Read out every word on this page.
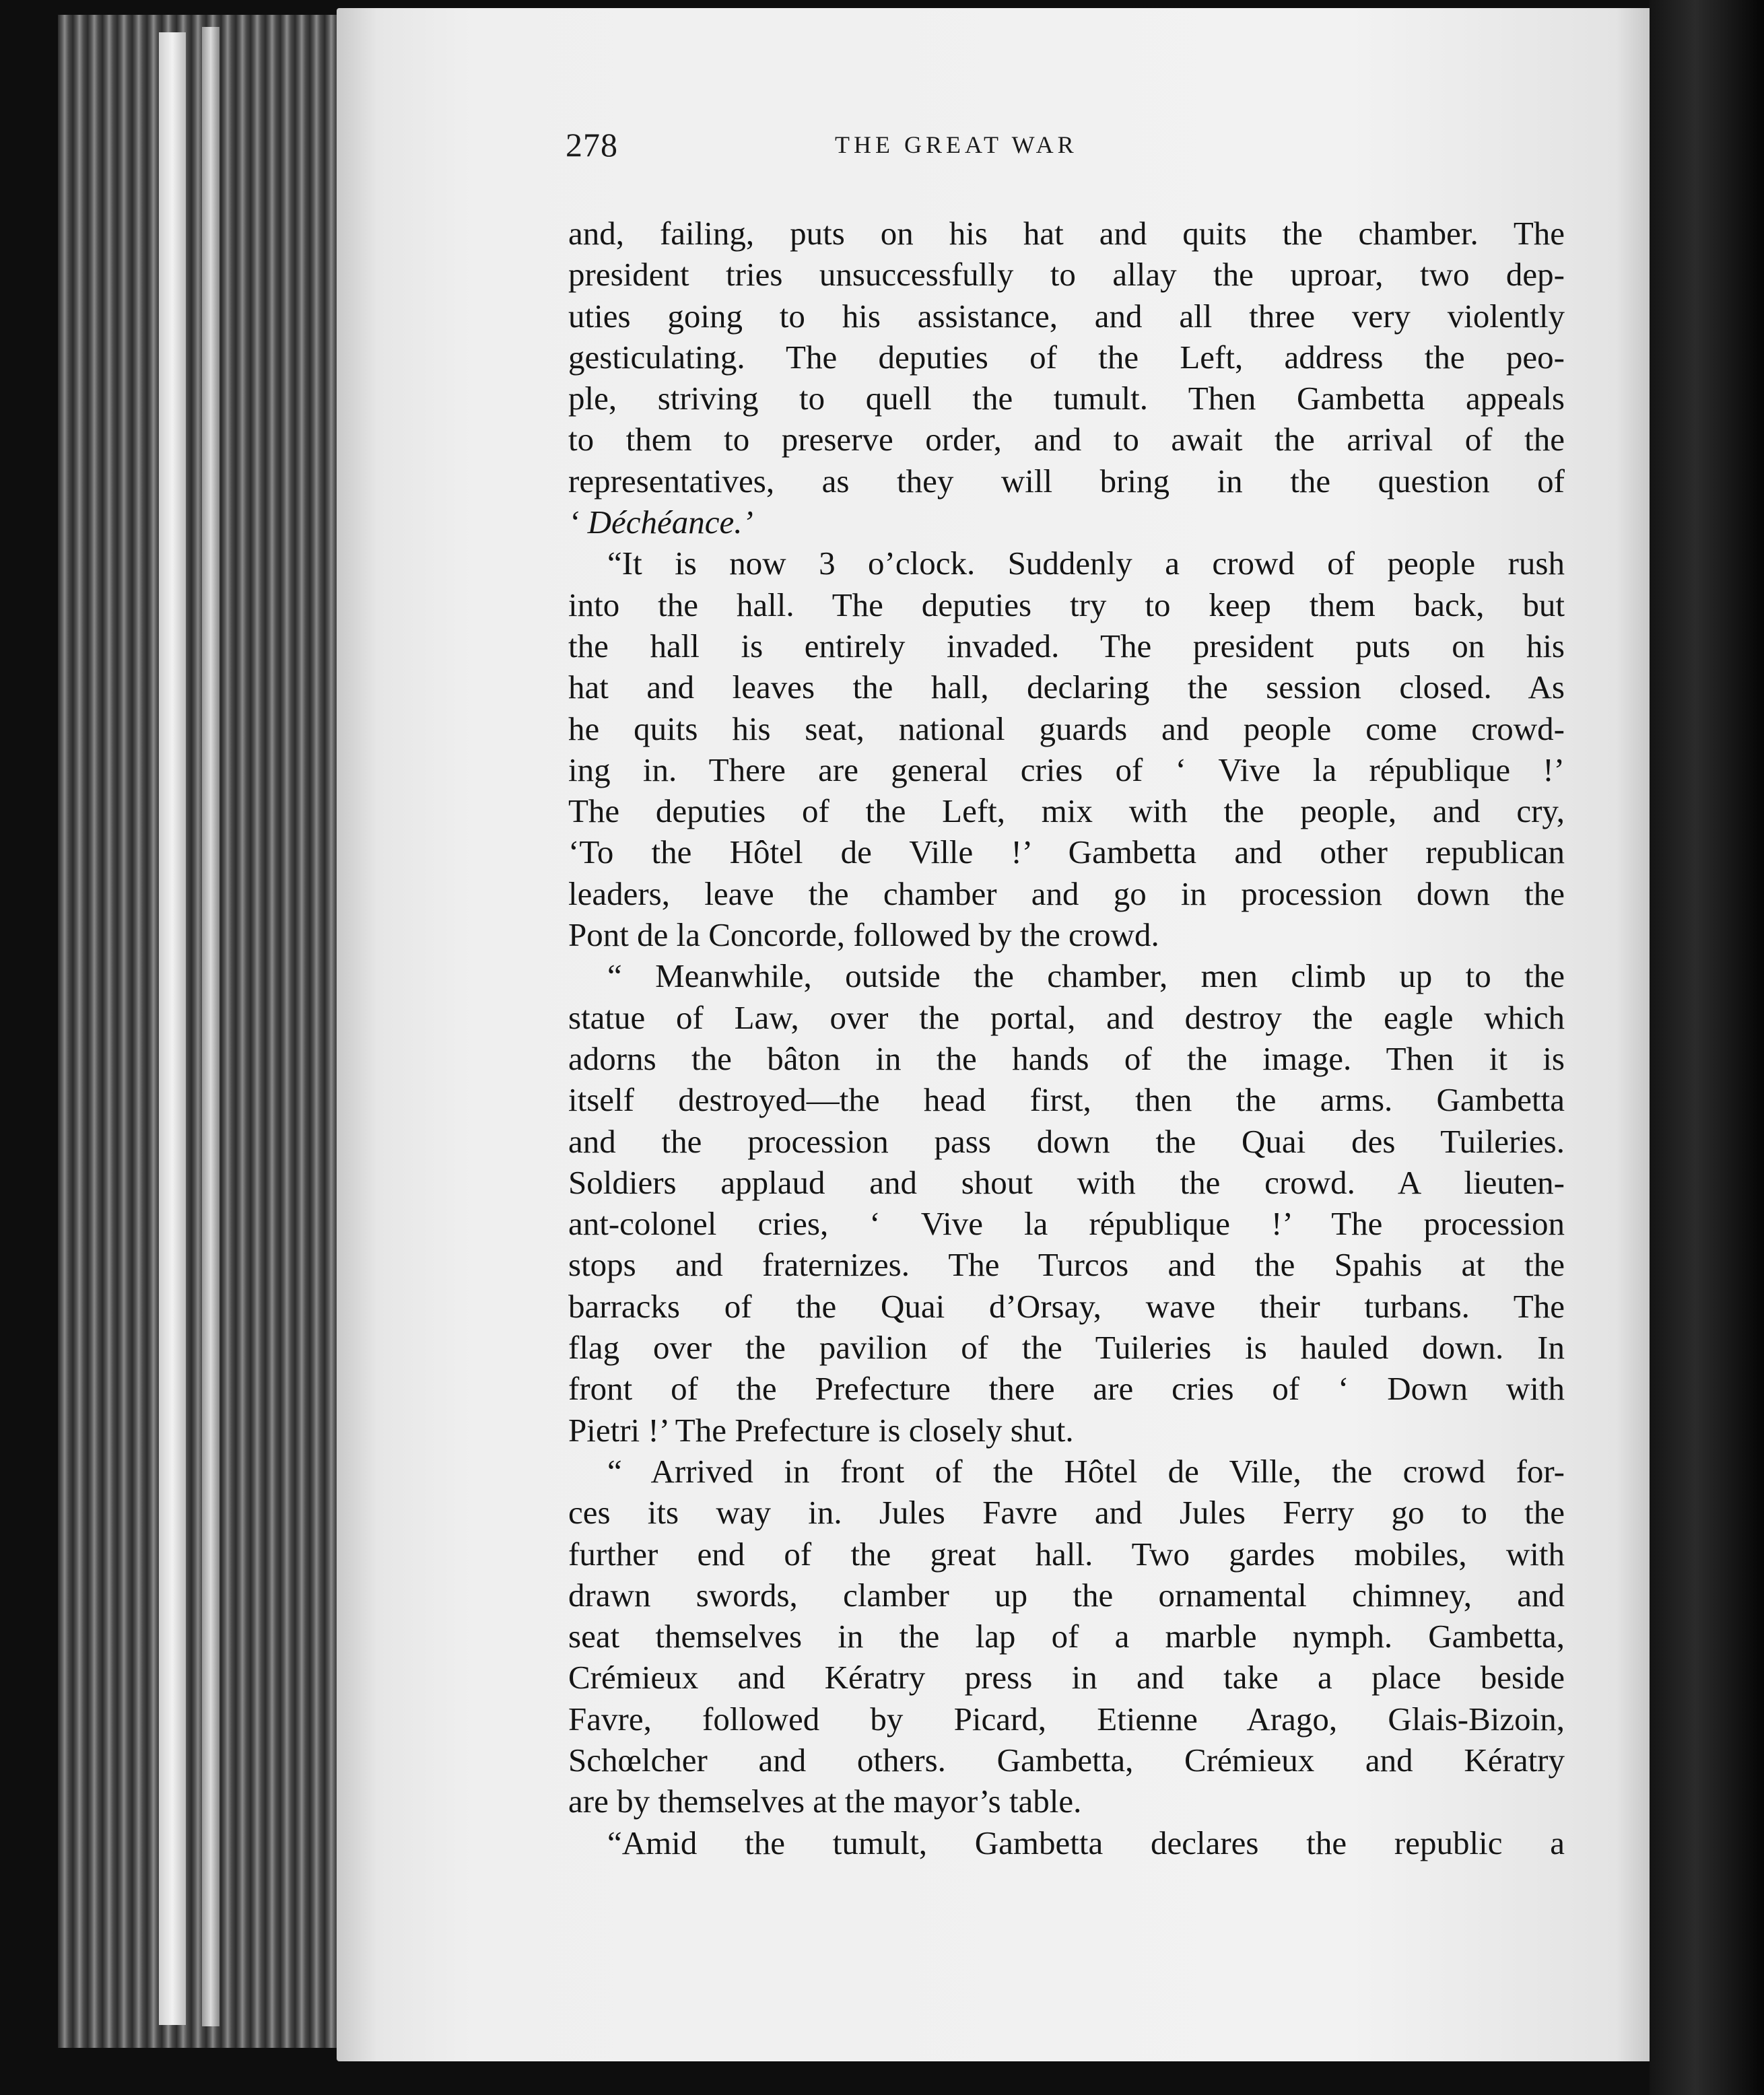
278	THE GREAT WAR
and, failing, puts on his hat and quits the chamber. The
president tries unsuccessfully to allay the uproar, two dep-
uties going to his assistance, and all three very violently
gesticulating. The deputies of the Left, address the peo-
ple, striving to quell the tumult. Then Gambetta appeals
to them to preserve order, and to await the arrival of the
representatives, as they will bring in the question of
‘ Déchéance.’
“It is now 3 o’clock. Suddenly a crowd of people rush
into the hall. The deputies try to keep them back, but
the hall is entirely invaded. The president puts on his
hat and leaves the hall, declaring the session closed. As
he quits his seat, national guards and people come crowd-
ing in. There are general cries of ‘ Vive la république !’
The deputies of the Left, mix with the people, and cry,
‘To the Hôtel de Ville !’ Gambetta and other republican
leaders, leave the chamber and go in procession down the
Pont de la Concorde, followed by the crowd.
“ Meanwhile, outside the chamber, men climb up to the
statue of Law, over the portal, and destroy the eagle which
adorns the bâton in the hands of the image. Then it is
itself destroyed—the head first, then the arms. Gambetta
and the procession pass down the Quai des Tuileries.
Soldiers applaud and shout with the crowd. A lieuten-
ant-colonel cries, ‘ Vive la république !’ The procession
stops and fraternizes. The Turcos and the Spahis at the
barracks of the Quai d’Orsay, wave their turbans. The
flag over the pavilion of the Tuileries is hauled down. In
front of the Prefecture there are cries of ‘ Down with
Pietri !’ The Prefecture is closely shut.
“ Arrived in front of the Hôtel de Ville, the crowd for-
ces its way in. Jules Favre and Jules Ferry go to the
further end of the great hall. Two gardes mobiles, with
drawn swords, clamber up the ornamental chimney, and
seat themselves in the lap of a marble nymph. Gambetta,
Crémieux and Kératry press in and take a place beside
Favre, followed by Picard, Etienne Arago, Glais-Bizoin,
Schœlcher and others. Gambetta, Crémieux and Kératry
are by themselves at the mayor’s table.
“Amid the tumult, Gambetta declares the republic a
